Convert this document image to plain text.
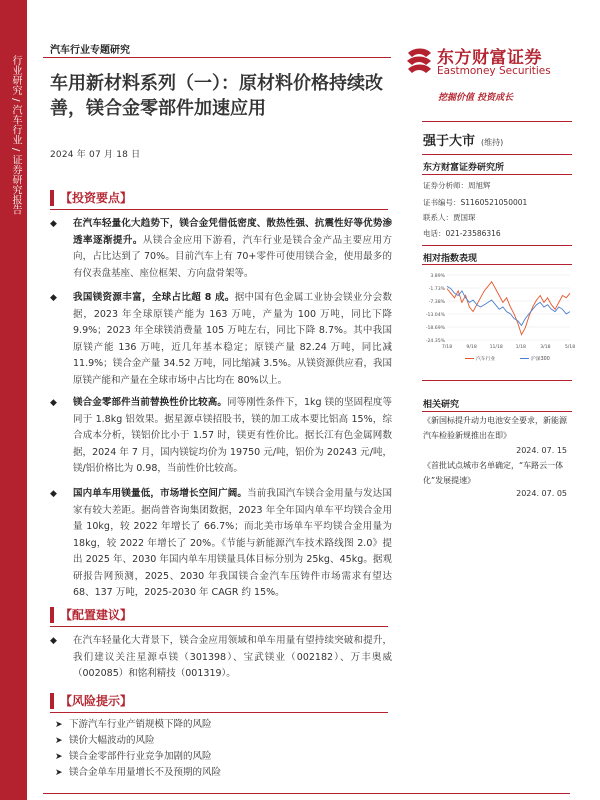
行业研究 / 汽车行业 / 证券研究报告
汽车行业专题研究
车用新材料系列（一）：原材料价格持续改善，镁合金零部件加速应用
2024 年 07 月 18 日
【投资要点】
◆ 在汽车轻量化大趋势下，镁合金凭借低密度、散热性强、抗震性好等优势渗透率逐渐提升。从镁合金应用下游看，汽车行业是镁合金产品主要应用方向，占比达到了 70%。目前汽车上有 70+零件可使用镁合金，使用最多的有仪表盘基座、座位框架、方向盘骨架等。
◆ 我国镁资源丰富，全球占比超 8 成。据中国有色金属工业协会镁业分会数据，2023 年全球原镁产能为 163 万吨，产量为 100 万吨，同比下降 9.9%；2023 年全球镁消费量 105 万吨左右，同比下降 8.7%。其中我国原镁产能 136 万吨，近几年基本稳定；原镁产量 82.24 万吨，同比减 11.9%；镁合金产量 34.52 万吨，同比缩减 3.5%。从镁资源供应看，我国原镁产能和产量在全球市场中占比均在 80%以上。
◆ 镁合金零部件当前替换性价比较高。同等刚性条件下，1kg 镁的坚固程度等同于 1.8kg 铝效果。据星源卓镁招股书，镁的加工成本要比铝高 15%，综合成本分析，镁铝价比小于 1.57 时，镁更有性价比。据长江有色金属网数据，2024 年 7 月，国内镁锭均价为 19750 元/吨，铝价为 20243 元/吨，镁/铝价格比为 0.98，当前性价比较高。
◆ 国内单车用镁量低，市场增长空间广阔。当前我国汽车镁合金用量与发达国家有较大差距。据尚普咨询集团数据，2023 年全年国内单车平均镁合金用量 10kg，较 2022 年增长了 66.7%；而北美市场单车平均镁合金用量为 18kg，较 2022 年增长了 20%。《节能与新能源汽车技术路线图 2.0》提出 2025 年、2030 年国内单车用镁量具体目标分别为 25kg、45kg。据观研报告网预测，2025、2030 年我国镁合金汽车压铸件市场需求有望达 68、137 万吨，2025-2030 年 CAGR 约 15%。
【配置建议】
◆ 在汽车轻量化大背景下，镁合金应用领域和单车用量有望持续突破和提升，我们建议关注星源卓镁（301398）、宝武镁业（002182）、万丰奥威（002085）和铭利精技（001319）。
【风险提示】
➤ 下游汽车行业产销规模下降的风险
➤ 镁价大幅波动的风险
➤ 镁合金零部件行业竞争加剧的风险
➤ 镁合金单车用量增长不及预期的风险
东方财富证券
Eastmoney Securities
挖掘价值 投资成长
强于大市 (维持)
东方财富证券研究所
证券分析师：周旭辉
证书编号：S1160521050001
联系人：贾国琛
电话：021-23586316
相对指数表现
3.89%
-1.73%
-7.38%
-13.04%
-18.69%
-24.35%
7/18	9/18	11/18	1/18	3/18	5/18
汽车行业	沪深300
相关研究
《新国标提升动力电池安全要求，新能源汽车检验新规推出在即》
2024. 07. 15
《首批试点城市名单确定，“车路云一体化”发展提速》
2024. 07. 05
